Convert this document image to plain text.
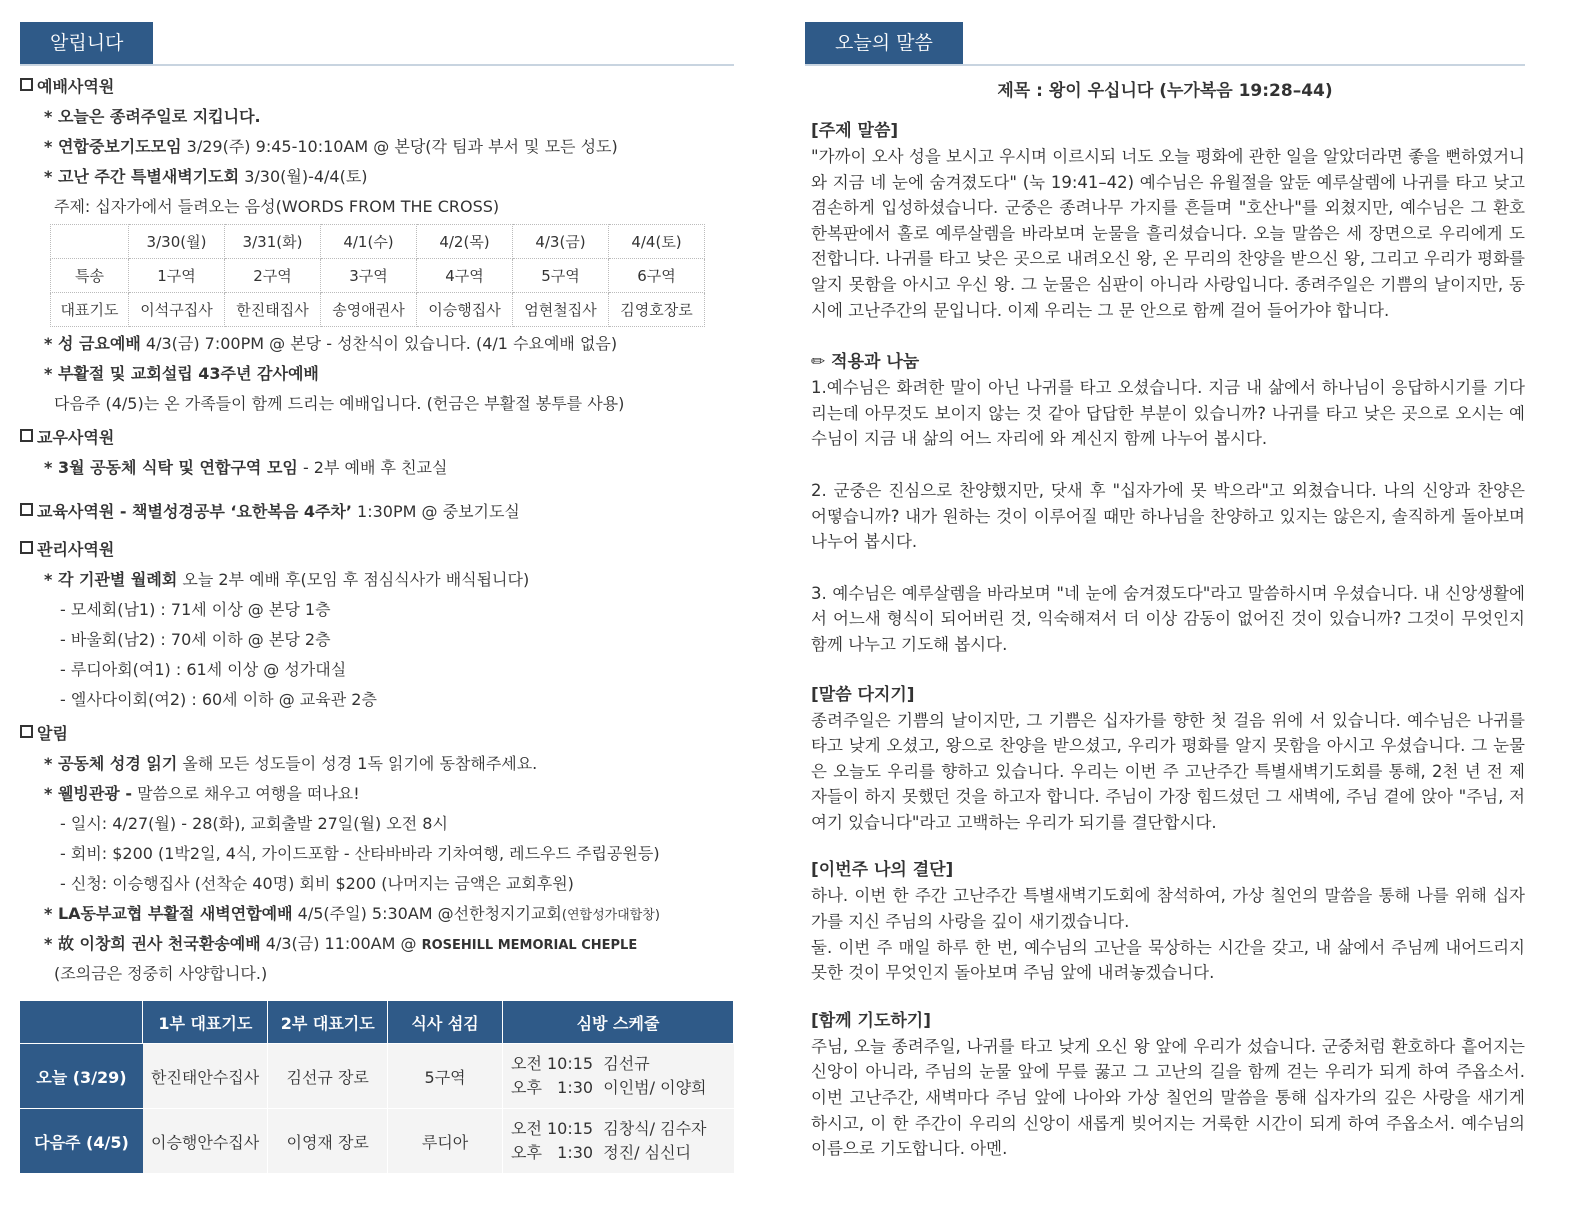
알립니다
예배사역원
* 오늘은 종려주일로 지킵니다.
* 연합중보기도모임 3/29(주) 9:45-10:10AM @ 본당(각 팀과 부서 및 모든 성도)
* 고난 주간 특별새벽기도회 3/30(월)-4/4(토)
주제: 십자가에서 들려오는 음성(WORDS FROM THE CROSS)
	3/30(월)	3/31(화)	4/1(수)	4/2(목)	4/3(금)	4/4(토)
특송	1구역	2구역	3구역	4구역	5구역	6구역
대표기도	이석구집사	한진태집사	송영애권사	이승행집사	엄현철집사	김영호장로
* 성 금요예배 4/3(금) 7:00PM @ 본당 - 성찬식이 있습니다. (4/1 수요예배 없음)
* 부활절 및 교회설립 43주년 감사예배
다음주 (4/5)는 온 가족들이 함께 드리는 예배입니다. (헌금은 부활절 봉투를 사용)
교우사역원
* 3월 공동체 식탁 및 연합구역 모임 - 2부 예배 후 친교실
교육사역원 - 책별성경공부 ‘요한복음 4주차’ 1:30PM @ 중보기도실
관리사역원
* 각 기관별 월례회 오늘 2부 예배 후(모임 후 점심식사가 배식됩니다)
- 모세회(남1) : 71세 이상 @ 본당 1층
- 바울회(남2) : 70세 이하 @ 본당 2층
- 루디아회(여1) : 61세 이상 @ 성가대실
- 엘사다이회(여2) : 60세 이하 @ 교육관 2층
알림
* 공동체 성경 읽기 올해 모든 성도들이 성경 1독 읽기에 동참해주세요.
* 웰빙관광 - 말씀으로 채우고 여행을 떠나요!
- 일시: 4/27(월) - 28(화), 교회출발 27일(월) 오전 8시
- 회비: $200 (1박2일, 4식, 가이드포함 - 산타바바라 기차여행, 레드우드 주립공원등)
- 신청: 이승행집사 (선착순 40명) 회비 $200 (나머지는 금액은 교회후원)
* LA동부교협 부활절 새벽연합예배 4/5(주일) 5:30AM @선한청지기교회(연합성가대합창)
* 故 이창희 권사 천국환송예배 4/3(금) 11:00AM @ ROSEHILL MEMORIAL CHEPLE
(조의금은 정중히 사양합니다.)
	1부 대표기도	2부 대표기도	식사 섬김	심방 스케줄
오늘 (3/29)	한진태안수집사	김선규 장로	5구역	오전 10:15  김선규
오후   1:30  이인범/ 이양희

다음주 (4/5)	이승행안수집사	이영재 장로	루디아	오전 10:15  김창식/ 김수자
오후   1:30  정진/ 심신디
오늘의 말씀
제목 : 왕이 우십니다 (누가복음 19:28–44)
[주제 말씀]
"가까이 오사 성을 보시고 우시며 이르시되 너도 오늘 평화에 관한 일을 알았더라면 좋을 뻔하였거니와 지금 네 눈에 숨겨졌도다" (눅 19:41–42) 예수님은 유월절을 앞둔 예루살렘에 나귀를 타고 낮고 겸손하게 입성하셨습니다. 군중은 종려나무 가지를 흔들며 "호산나"를 외쳤지만, 예수님은 그 환호 한복판에서 홀로 예루살렘을 바라보며 눈물을 흘리셨습니다. 오늘 말씀은 세 장면으로 우리에게 도전합니다. 나귀를 타고 낮은 곳으로 내려오신 왕, 온 무리의 찬양을 받으신 왕, 그리고 우리가 평화를 알지 못함을 아시고 우신 왕. 그 눈물은 심판이 아니라 사랑입니다. 종려주일은 기쁨의 날이지만, 동시에 고난주간의 문입니다. 이제 우리는 그 문 안으로 함께 걸어 들어가야 합니다.
✏ 적용과 나눔
1.예수님은 화려한 말이 아닌 나귀를 타고 오셨습니다. 지금 내 삶에서 하나님이 응답하시기를 기다리는데 아무것도 보이지 않는 것 같아 답답한 부분이 있습니까? 나귀를 타고 낮은 곳으로 오시는 예수님이 지금 내 삶의 어느 자리에 와 계신지 함께 나누어 봅시다.
2. 군중은 진심으로 찬양했지만, 닷새 후 "십자가에 못 박으라"고 외쳤습니다. 나의 신앙과 찬양은 어떻습니까? 내가 원하는 것이 이루어질 때만 하나님을 찬양하고 있지는 않은지, 솔직하게 돌아보며 나누어 봅시다.
3. 예수님은 예루살렘을 바라보며 "네 눈에 숨겨졌도다"라고 말씀하시며 우셨습니다. 내 신앙생활에서 어느새 형식이 되어버린 것, 익숙해져서 더 이상 감동이 없어진 것이 있습니까? 그것이 무엇인지 함께 나누고 기도해 봅시다.
[말씀 다지기]
종려주일은 기쁨의 날이지만, 그 기쁨은 십자가를 향한 첫 걸음 위에 서 있습니다. 예수님은 나귀를 타고 낮게 오셨고, 왕으로 찬양을 받으셨고, 우리가 평화를 알지 못함을 아시고 우셨습니다. 그 눈물은 오늘도 우리를 향하고 있습니다. 우리는 이번 주 고난주간 특별새벽기도회를 통해, 2천 년 전 제자들이 하지 못했던 것을 하고자 합니다. 주님이 가장 힘드셨던 그 새벽에, 주님 곁에 앉아 "주님, 저 여기 있습니다"라고 고백하는 우리가 되기를 결단합시다.
[이번주 나의 결단]
하나. 이번 한 주간 고난주간 특별새벽기도회에 참석하여, 가상 칠언의 말씀을 통해 나를 위해 십자가를 지신 주님의 사랑을 깊이 새기겠습니다.
둘. 이번 주 매일 하루 한 번, 예수님의 고난을 묵상하는 시간을 갖고, 내 삶에서 주님께 내어드리지 못한 것이 무엇인지 돌아보며 주님 앞에 내려놓겠습니다.
[함께 기도하기]
주님, 오늘 종려주일, 나귀를 타고 낮게 오신 왕 앞에 우리가 섰습니다. 군중처럼 환호하다 흩어지는 신앙이 아니라, 주님의 눈물 앞에 무릎 꿇고 그 고난의 길을 함께 걷는 우리가 되게 하여 주옵소서. 이번 고난주간, 새벽마다 주님 앞에 나아와 가상 칠언의 말씀을 통해 십자가의 깊은 사랑을 새기게 하시고, 이 한 주간이 우리의 신앙이 새롭게 빚어지는 거룩한 시간이 되게 하여 주옵소서. 예수님의 이름으로 기도합니다. 아멘.
